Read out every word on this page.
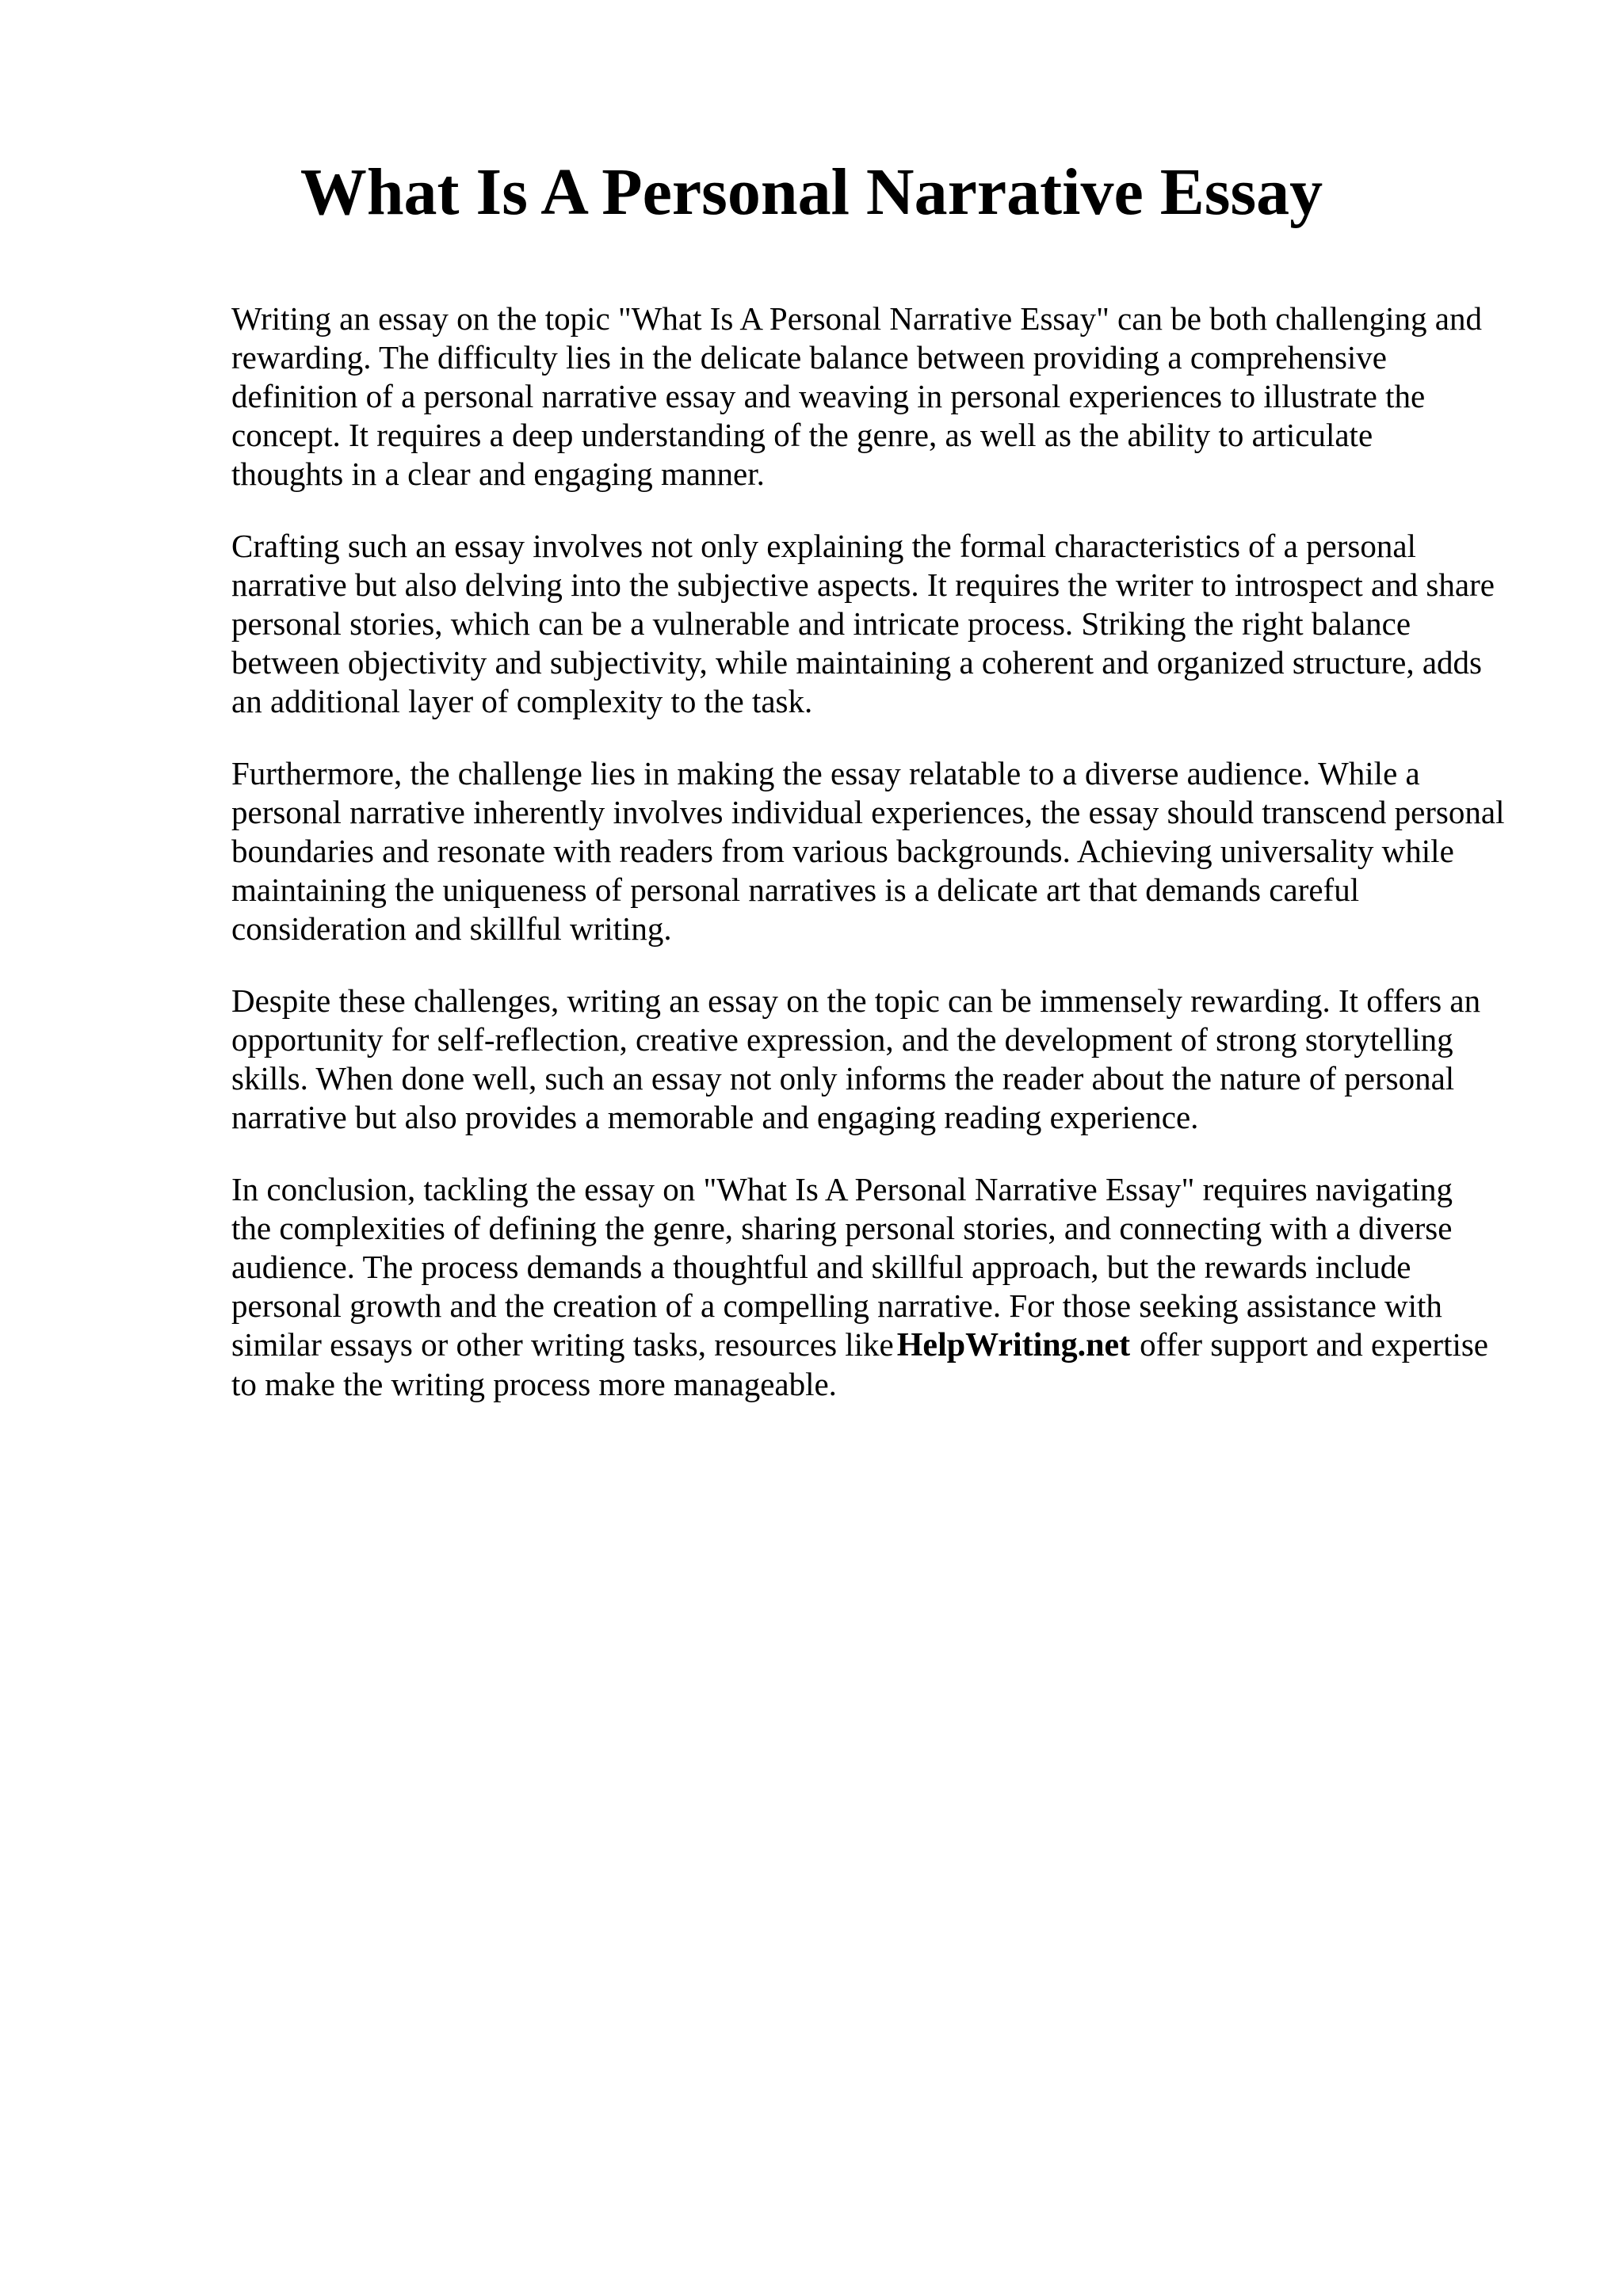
What Is A Personal Narrative Essay

Writing an essay on the topic "What Is A Personal Narrative Essay" can be both challenging and
rewarding. The difficulty lies in the delicate balance between providing a comprehensive
definition of a personal narrative essay and weaving in personal experiences to illustrate the
concept. It requires a deep understanding of the genre, as well as the ability to articulate
thoughts in a clear and engaging manner.

Crafting such an essay involves not only explaining the formal characteristics of a personal
narrative but also delving into the subjective aspects. It requires the writer to introspect and share
personal stories, which can be a vulnerable and intricate process. Striking the right balance
between objectivity and subjectivity, while maintaining a coherent and organized structure, adds
an additional layer of complexity to the task.

Furthermore, the challenge lies in making the essay relatable to a diverse audience. While a
personal narrative inherently involves individual experiences, the essay should transcend personal
boundaries and resonate with readers from various backgrounds. Achieving universality while
maintaining the uniqueness of personal narratives is a delicate art that demands careful
consideration and skillful writing.

Despite these challenges, writing an essay on the topic can be immensely rewarding. It offers an
opportunity for self-reflection, creative expression, and the development of strong storytelling
skills. When done well, such an essay not only informs the reader about the nature of personal
narrative but also provides a memorable and engaging reading experience.

In conclusion, tackling the essay on "What Is A Personal Narrative Essay" requires navigating
the complexities of defining the genre, sharing personal stories, and connecting with a diverse
audience. The process demands a thoughtful and skillful approach, but the rewards include
personal growth and the creation of a compelling narrative. For those seeking assistance with
similar essays or other writing tasks, resources likeHelpWriting.net offer support and expertise
to make the writing process more manageable.
